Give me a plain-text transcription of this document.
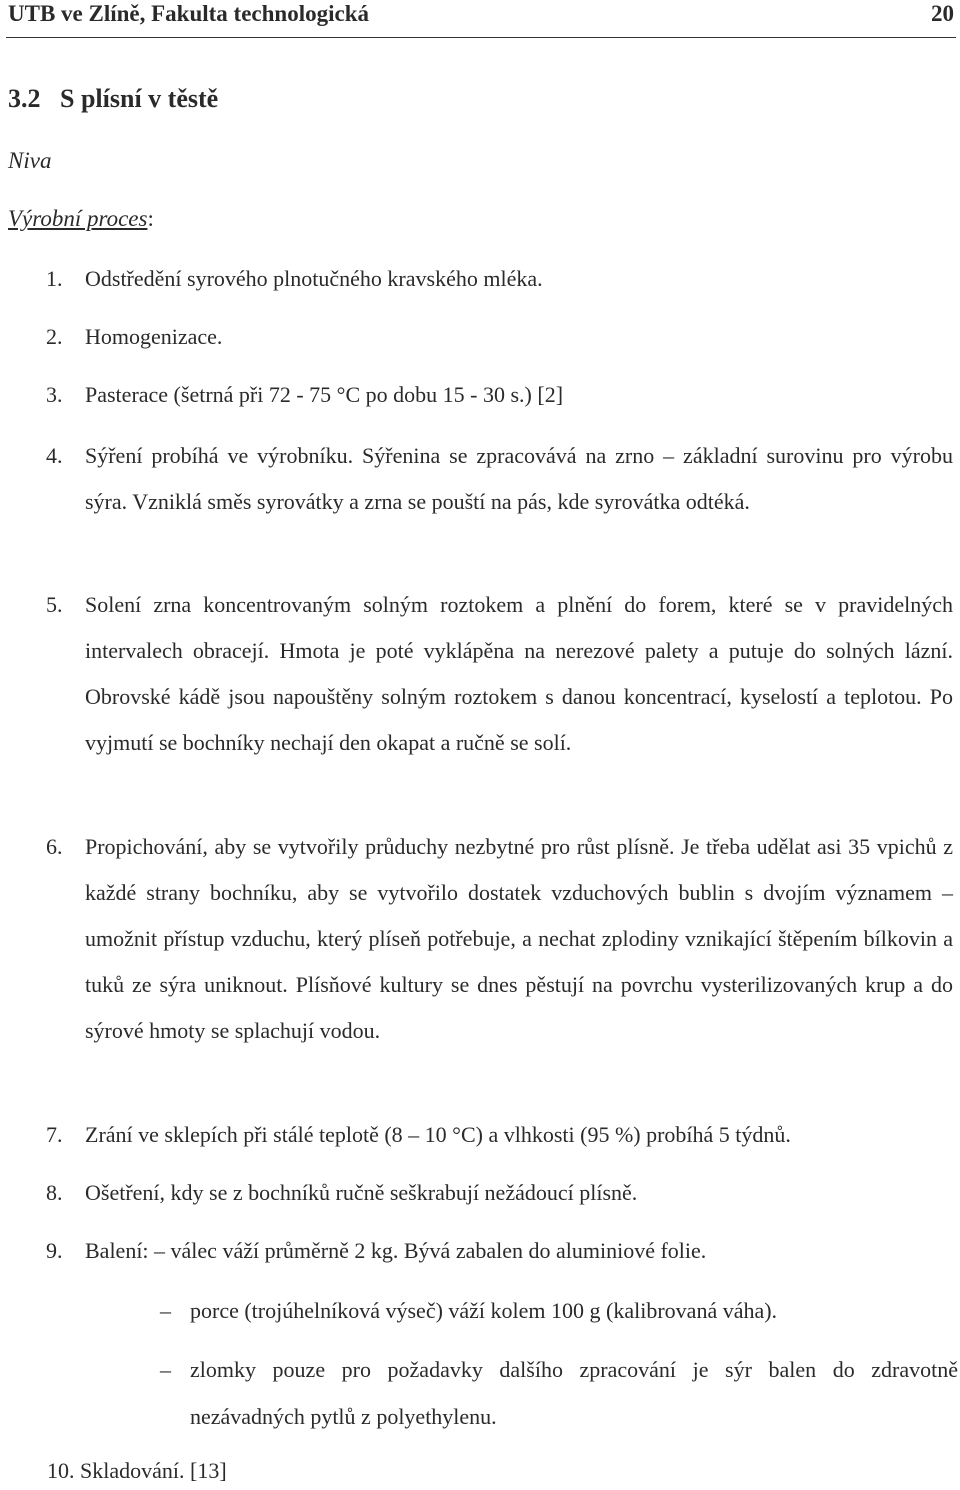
UTB ve Zlíně, Fakulta technologická	20
3.2 S plísní v těstě
Niva
Výrobní proces:
1. Odstředění syrového plnotučného kravského mléka.
2. Homogenizace.
3. Pasterace (šetrná při 72 - 75 °C po dobu 15 - 30 s.) [2]
4. Sýření probíhá ve výrobníku. Sýřenina se zpracovává na zrno – základní surovinu pro výrobu sýra. Vzniklá směs syrovátky a zrna se pouští na pás, kde syrovátka odtéká.
5. Solení zrna koncentrovaným solným roztokem a plnění do forem, které se v pravidelných intervalech obracejí. Hmota je poté vyklápěna na nerezové palety a putuje do solných lázní. Obrovské kádě jsou napouštěny solným roztokem s danou koncentrací, kyselostí a teplotou. Po vyjmutí se bochníky nechají den okapat a ručně se solí.
6. Propichování, aby se vytvořily průduchy nezbytné pro růst plísně. Je třeba udělat asi 35 vpichů z každé strany bochníku, aby se vytvořilo dostatek vzduchových bublin s dvojím významem – umožnit přístup vzduchu, který plíseň potřebuje, a nechat zplodiny vznikající štěpením bílkovin a tuků ze sýra uniknout. Plísňové kultury se dnes pěstují na povrchu vysterilizovaných krup a do sýrové hmoty se splachují vodou.
7. Zrání ve sklepích při stálé teplotě (8 – 10 °C) a vlhkosti (95 %) probíhá 5 týdnů.
8. Ošetření, kdy se z bochníků ručně seškrabují nežádoucí plísně.
9. Balení: – válec váží průměrně 2 kg. Bývá zabalen do aluminiové folie.
– porce (trojúhelníková výseč) váží kolem 100 g (kalibrovaná váha).
– zlomky pouze pro požadavky dalšího zpracování je sýr balen do zdravotně nezávadných pytlů z polyethylenu.
10. Skladování. [13]
